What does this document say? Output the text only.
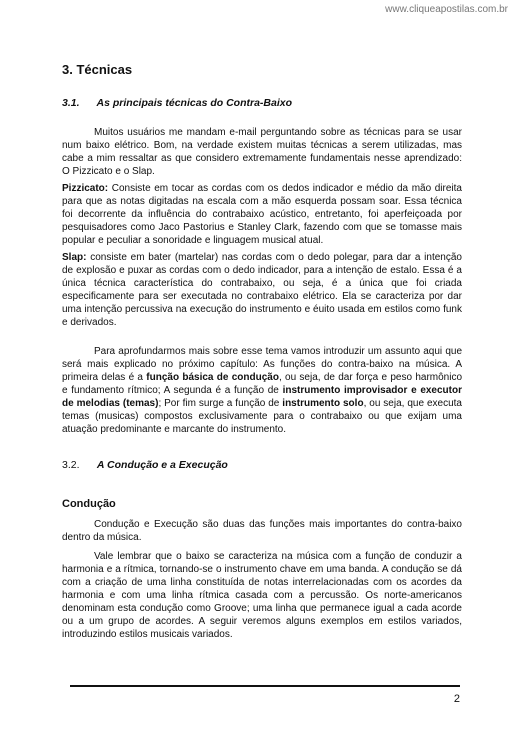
www.cliqueapostilas.com.br
3. Técnicas
3.1. As principais técnicas do Contra-Baixo

Muitos usuários me mandam e-mail perguntando sobre as técnicas para se usar num baixo elétrico. Bom, na verdade existem muitas técnicas a serem utilizadas, mas cabe a mim ressaltar as que considero extremamente fundamentais nesse aprendizado: O Pizzicato e o Slap.

Pizzicato: Consiste em tocar as cordas com os dedos indicador e médio da mão direita para que as notas digitadas na escala com a mão esquerda possam soar. Essa técnica foi decorrente da influência do contrabaixo acústico, entretanto, foi aperfeiçoada por pesquisadores como Jaco Pastorius e Stanley Clark, fazendo com que se tomasse mais popular e peculiar a sonoridade e linguagem musical atual.

Slap: consiste em bater (martelar) nas cordas com o dedo polegar, para dar a intenção de explosão e puxar as cordas com o dedo indicador, para a intenção de estalo. Essa é a única técnica característica do contrabaixo, ou seja, é a única que foi criada especificamente para ser executada no contrabaixo elétrico. Ela se caracteriza por dar uma intenção percussiva na execução do instrumento e éuito usada em estilos como funk e derivados.

Para aprofundarmos mais sobre esse tema vamos introduzir um assunto aqui que será mais explicado no próximo capítulo: As funções do contra-baixo na música. A primeira delas é a função básica de condução, ou seja, de dar força e peso harmônico e fundamento rítmico; A segunda é a função de instrumento improvisador e executor de melodias (temas); Por fim surge a função de instrumento solo, ou seja, que executa temas (musicas) compostos exclusivamente para o contrabaixo ou que exijam uma atuação predominante e marcante do instrumento.

3.2. A Condução e a Execução
Condução

Condução e Execução são duas das funções mais importantes do contra-baixo dentro da música.

Vale lembrar que o baixo se caracteriza na música com a função de conduzir a harmonia e a rítmica, tornando-se o instrumento chave em uma banda. A condução se dá com a criação de uma linha constituída de notas interrelacionadas com os acordes da harmonia e com uma linha rítmica casada com a percussão. Os norte-americanos denominam esta condução como Groove; uma linha que permanece igual a cada acorde ou a um grupo de acordes. A seguir veremos alguns exemplos em estilos variados, introduzindo estilos musicais variados.

2
